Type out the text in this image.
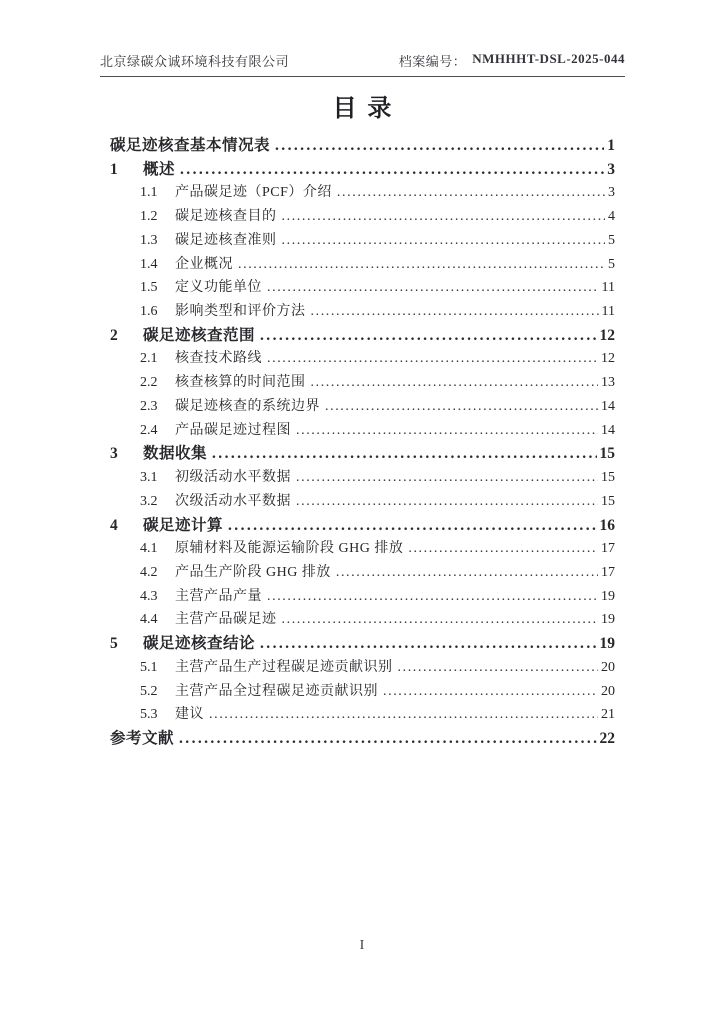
北京绿碳众诚环境科技有限公司	档案编号： NMHHHT-DSL-2025-044
目录
碳足迹核查基本情况表 .....	1
1	概述 .....	3
1.1	产品碳足迹（PCF）介绍 .....	3
1.2	碳足迹核查目的 .....	4
1.3	碳足迹核查准则 .....	5
1.4	企业概况 .....	5
1.5	定义功能单位 .....	11
1.6	影响类型和评价方法 .....	11
2	碳足迹核查范围 .....	12
2.1	核查技术路线 .....	12
2.2	核查核算的时间范围 .....	13
2.3	碳足迹核查的系统边界 .....	14
2.4	产品碳足迹过程图 .....	14
3	数据收集 .....	15
3.1	初级活动水平数据 .....	15
3.2	次级活动水平数据 .....	15
4	碳足迹计算 .....	16
4.1	原辅材料及能源运输阶段 GHG 排放 .....	17
4.2	产品生产阶段 GHG 排放 .....	17
4.3	主营产品产量 .....	19
4.4	主营产品碳足迹 .....	19
5	碳足迹核查结论 .....	19
5.1	主营产品生产过程碳足迹贡献识别 .....	20
5.2	主营产品全过程碳足迹贡献识别 .....	20
5.3	建议 .....	21
参考文献 .....	22
I
